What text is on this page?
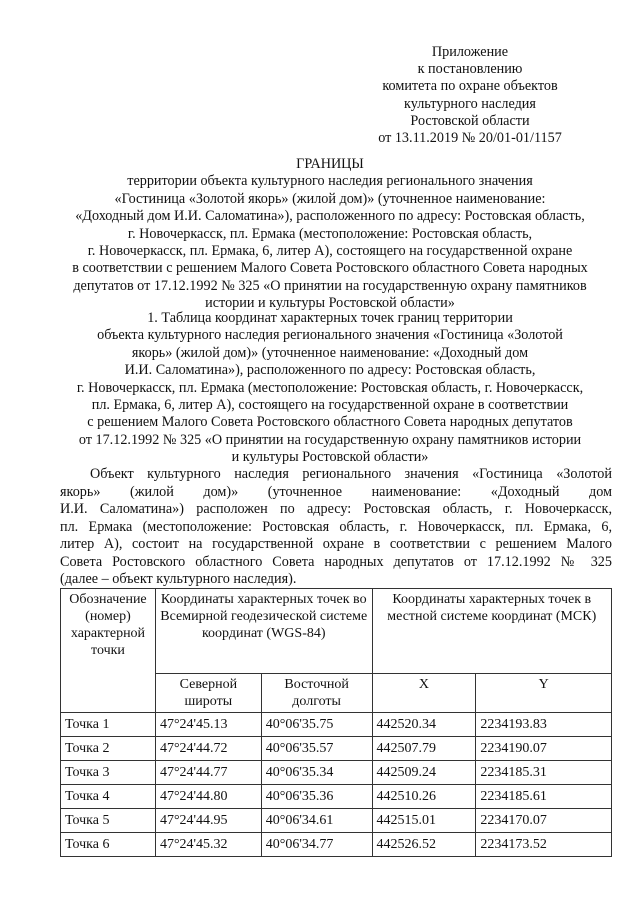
Приложение
к постановлению
комитета по охране объектов
культурного наследия
Ростовской области
от 13.11.2019 № 20/01-01/1157
ГРАНИЦЫ
территории объекта культурного наследия регионального значения
«Гостиница «Золотой якорь» (жилой дом)» (уточненное наименование:
«Доходный дом И.И. Саломатина»), расположенного по адресу: Ростовская область,
г. Новочеркасск, пл. Ермака (местоположение: Ростовская область,
г. Новочеркасск, пл. Ермака, 6, литер А), состоящего на государственной охране
в соответствии с решением Малого Совета Ростовского областного Совета народных
депутатов от 17.12.1992 № 325 «О принятии на государственную охрану памятников
истории и культуры Ростовской области»
1. Таблица координат характерных точек границ территории
объекта культурного наследия регионального значения «Гостиница «Золотой
якорь» (жилой дом)» (уточненное наименование: «Доходный дом
И.И. Саломатина»), расположенного по адресу: Ростовская область,
г. Новочеркасск, пл. Ермака (местоположение: Ростовская область, г. Новочеркасск,
пл. Ермака, 6, литер А), состоящего на государственной охране в соответствии
с решением Малого Совета Ростовского областного Совета народных депутатов
от 17.12.1992 № 325 «О принятии на государственную охрану памятников истории
и культуры Ростовской области»
Объект культурного наследия регионального значения «Гостиница «Золотой
якорь» (жилой дом)» (уточненное наименование: «Доходный дом
И.И. Саломатина») расположен по адресу: Ростовская область, г. Новочеркасск,
пл. Ермака (местоположение: Ростовская область, г. Новочеркасск, пл. Ермака, 6,
литер А), состоит на государственной охране в соответствии с решением Малого
Совета Ростовского областного Совета народных депутатов от 17.12.1992 № 325
(далее – объект культурного наследия).
Обозначение (номер) характерной точки	Координаты характерных точек во Всемирной геодезической системе координат (WGS-84)		Координаты характерных точек в местной системе координат (МСК)	
	Северной широты	Восточной долготы	X	Y
Точка 1	47°24'45.13	40°06'35.75	442520.34	2234193.83
Точка 2	47°24'44.72	40°06'35.57	442507.79	2234190.07
Точка 3	47°24'44.77	40°06'35.34	442509.24	2234185.31
Точка 4	47°24'44.80	40°06'35.36	442510.26	2234185.61
Точка 5	47°24'44.95	40°06'34.61	442515.01	2234170.07
Точка 6	47°24'45.32	40°06'34.77	442526.52	2234173.52
